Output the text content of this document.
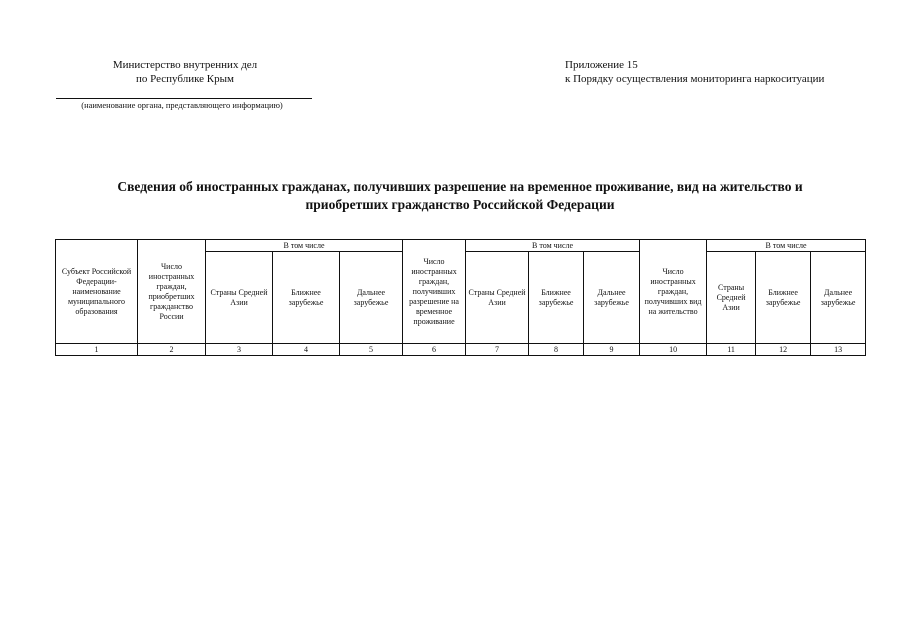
Министерство внутренних дел
по Республике Крым
(наименование органа, представляющего информацию)
Приложение 15
к Порядку осуществления мониторинга наркоситуации
Сведения об иностранных гражданах, получивших разрешение на временное проживание, вид на жительство и
приобретших гражданство Российской Федерации
Субъект Российской Федерации- наименование муниципального образования	Число иностранных граждан, приобретших гражданство России	В том числе			Число иностранных граждан, получивших разрешение на временное проживание	В том числе			Число иностранных граждан, получивших вид на жительство	В том числе		
		Страны Средней Азии	Ближнее зарубежье	Дальнее зарубежье		Страны Средней Азии	Ближнее зарубежье	Дальнее зарубежье		Страны Средней Азии	Ближнее зарубежье	Дальнее зарубежье
1	2	3	4	5	6	7	8	9	10	11	12	13
